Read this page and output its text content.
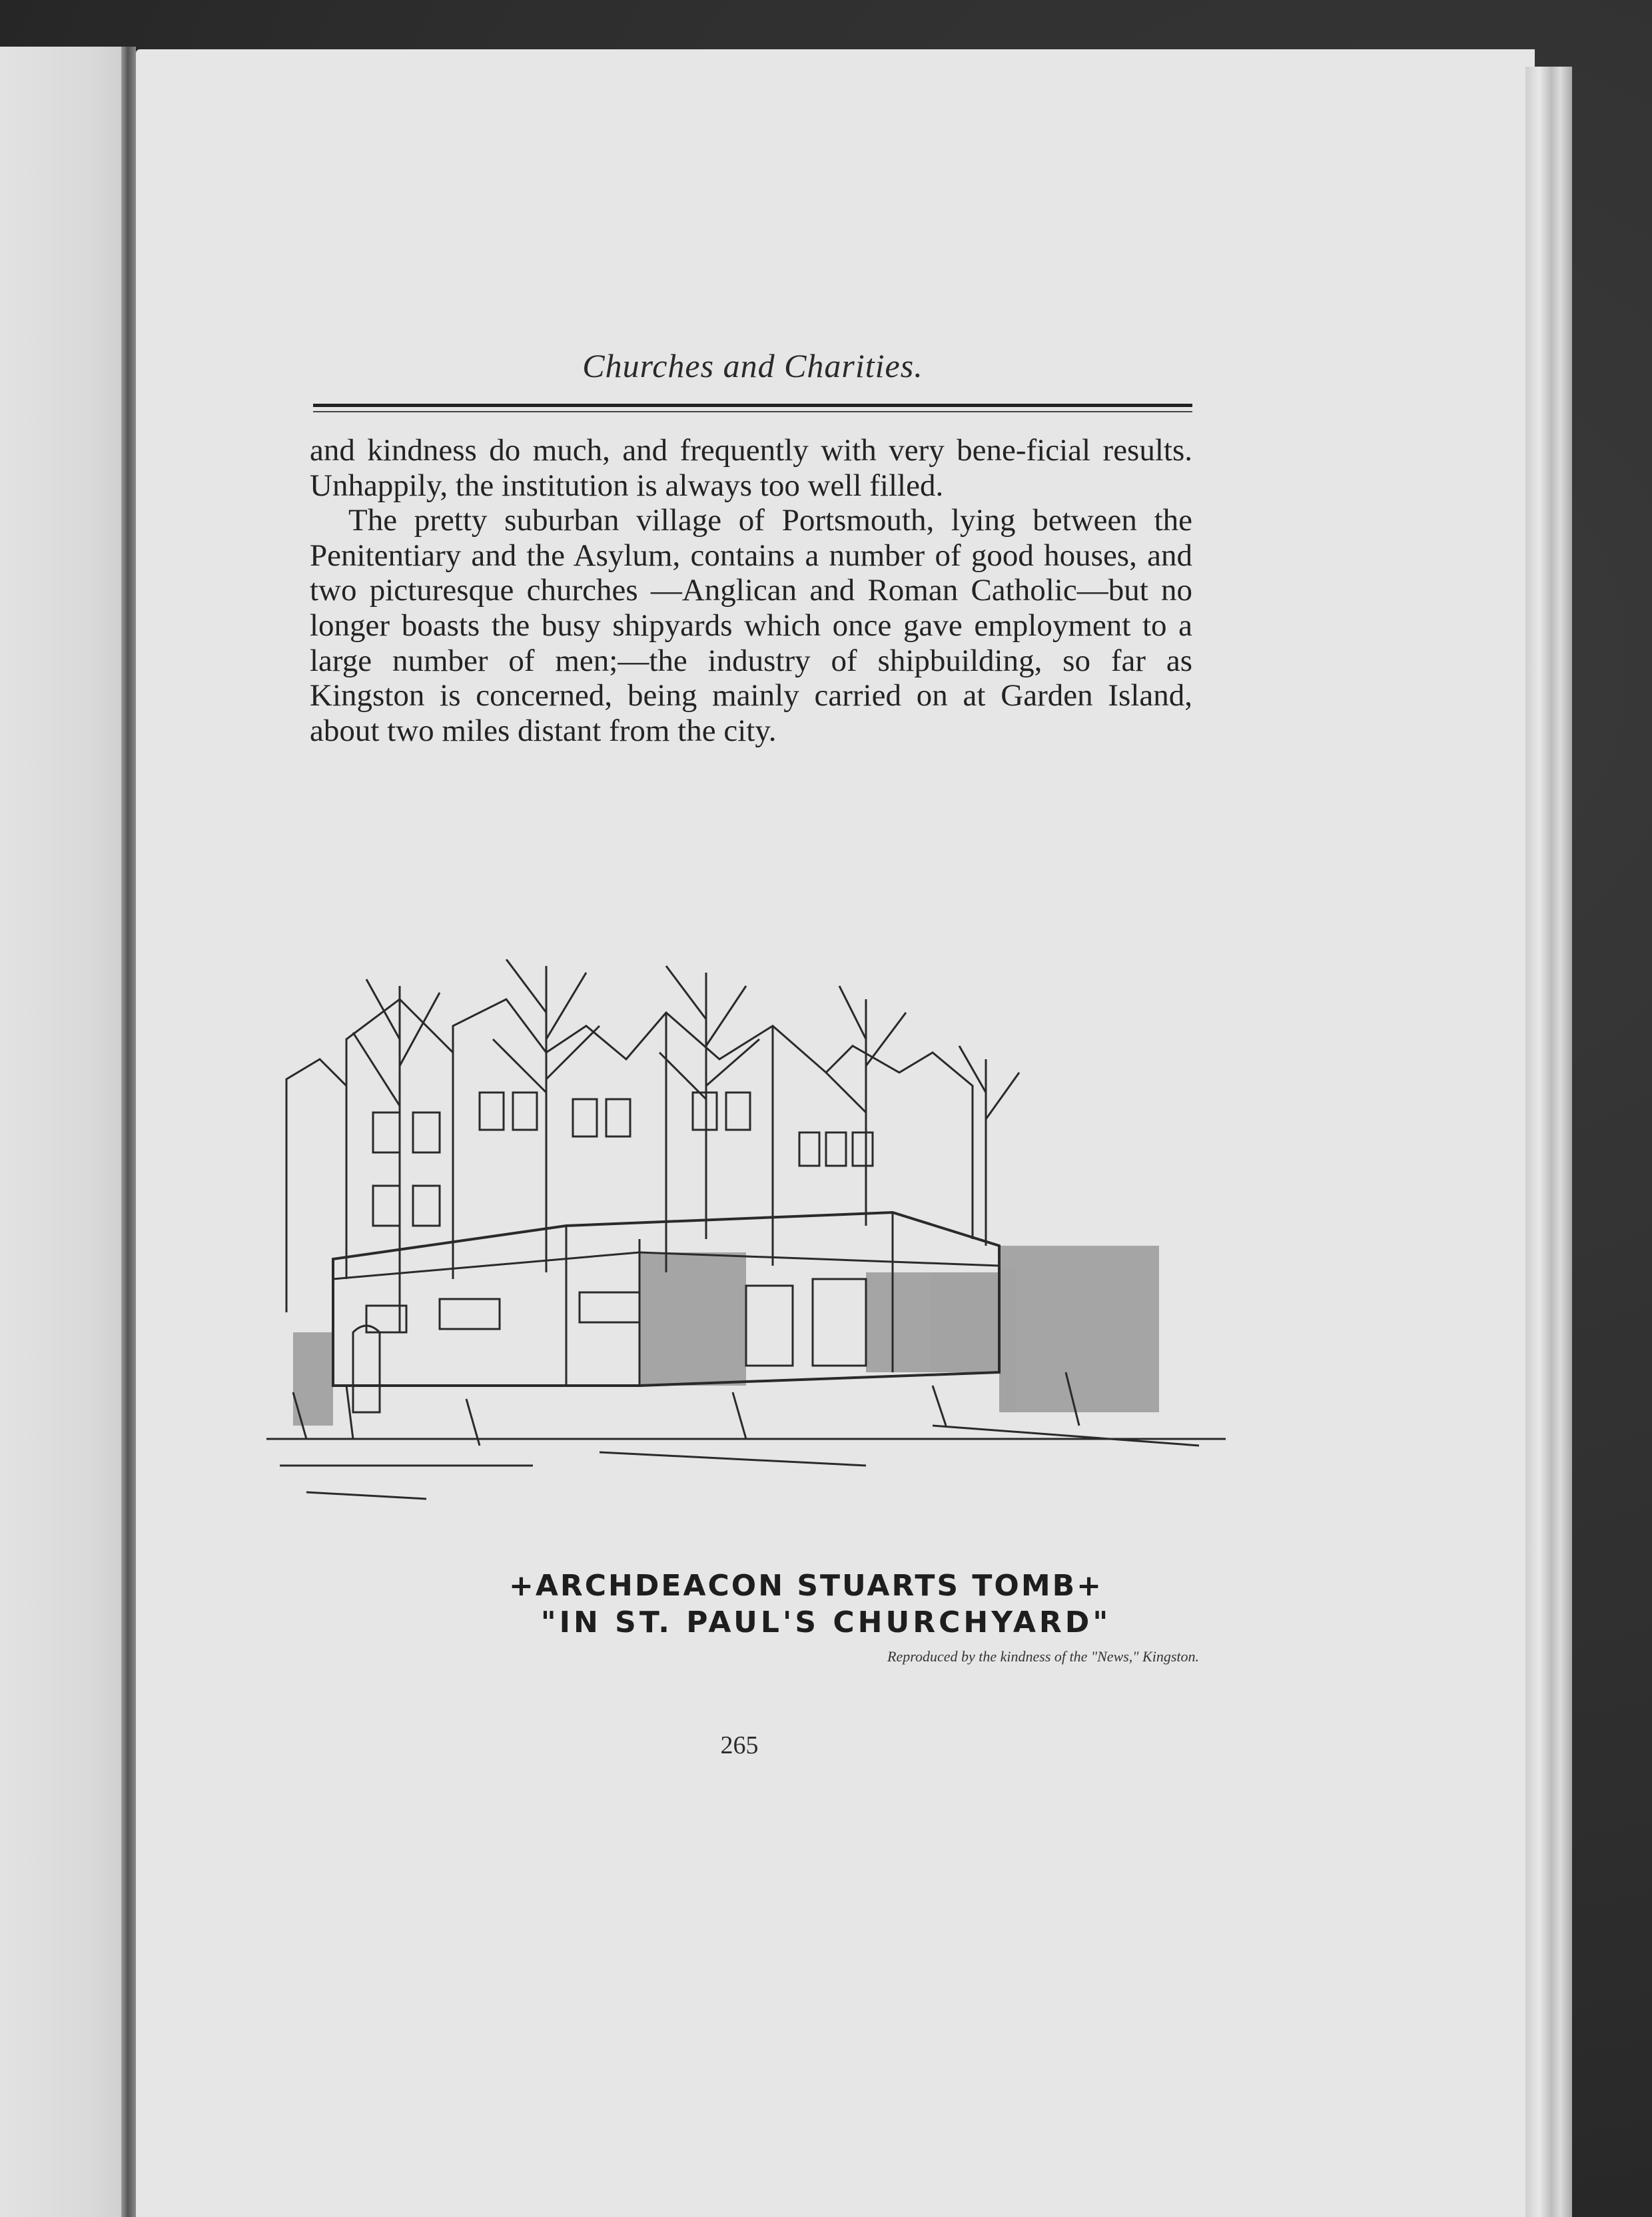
Churches and Charities.

and kindness do much, and frequently with very bene-ficial results. Unhappily, the institution is always too well filled.

The pretty suburban village of Portsmouth, lying between the Penitentiary and the Asylum, contains a number of good houses, and two picturesque churches —Anglican and Roman Catholic—but no longer boasts the busy shipyards which once gave employment to a large number of men;—the industry of shipbuilding, so far as Kingston is concerned, being mainly carried on at Garden Island, about two miles distant from the city.

+ARCHDEACON STUARTS TOMB+
"IN ST. PAUL'S CHURCHYARD"
Reproduced by the kindness of the "News," Kingston.
265
